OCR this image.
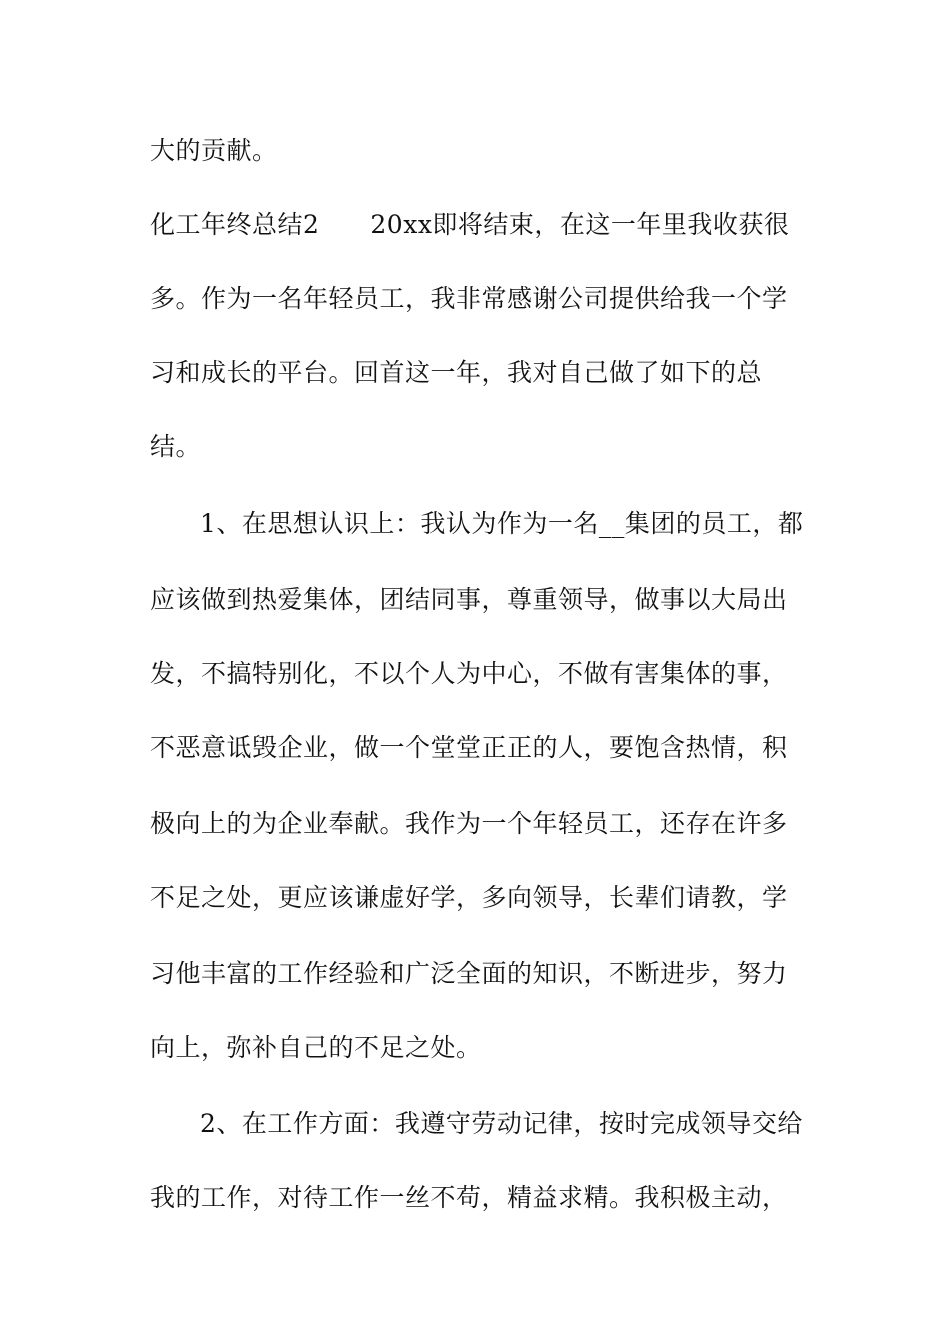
大的贡献。

化工年终总结2　　20xx即将结束，在这一年里我收获很

多。作为一名年轻员工，我非常感谢公司提供给我一个学

习和成长的平台。回首这一年，我对自己做了如下的总

结。

1、在思想认识上：我认为作为一名__集团的员工，都

应该做到热爱集体，团结同事，尊重领导，做事以大局出

发，不搞特别化，不以个人为中心，不做有害集体的事，

不恶意诋毁企业，做一个堂堂正正的人，要饱含热情，积

极向上的为企业奉献。我作为一个年轻员工，还存在许多

不足之处，更应该谦虚好学，多向领导，长辈们请教，学

习他丰富的工作经验和广泛全面的知识，不断进步，努力

向上，弥补自己的不足之处。

2、在工作方面：我遵守劳动记律，按时完成领导交给

我的工作，对待工作一丝不苟，精益求精。我积极主动，
